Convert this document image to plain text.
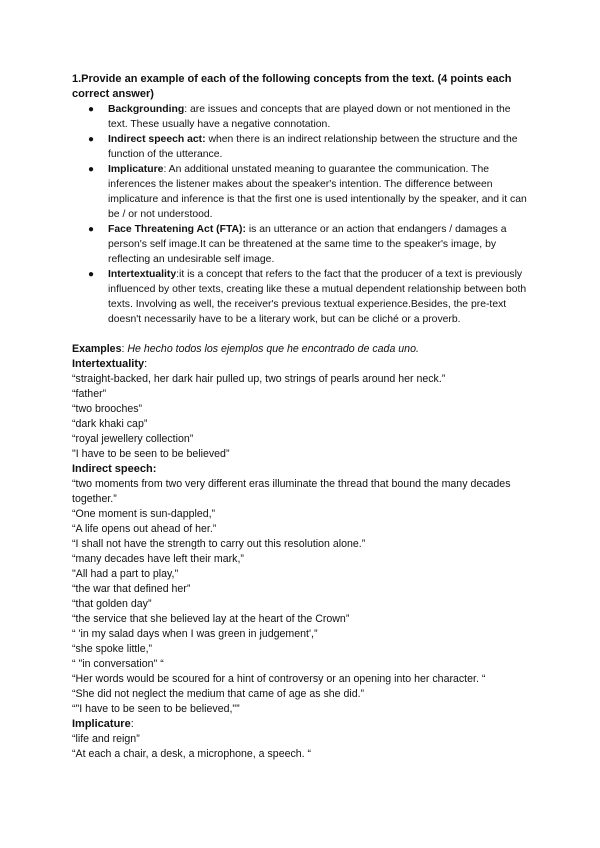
1.Provide an example of each of the following concepts from the text. (4 points each correct answer)

● Backgrounding: are issues and concepts that are played down or not mentioned in the text. These usually have a negative connotation.
● Indirect speech act: when there is an indirect relationship between the structure and the function of the utterance.
● Implicature: An additional unstated meaning to guarantee the communication. The inferences the listener makes about the speaker's intention. The difference between implicature and inference is that the first one is used intentionally by the speaker, and it can be / or not understood.
● Face Threatening Act (FTA): is an utterance or an action that endangers / damages a person's self image.It can be threatened at the same time to the speaker's image, by reflecting an undesirable self image.
● Intertextuality:it is a concept that refers to the fact that the producer of a text is previously influenced by other texts, creating like these a mutual dependent relationship between both texts. Involving as well, the receiver's previous textual experience.Besides, the pre-text doesn't necessarily have to be a literary work, but can be cliché or a proverb.

Examples: He hecho todos los ejemplos que he encontrado de cada uno.

Intertextuality:

“straight-backed, her dark hair pulled up, two strings of pearls around her neck.”

“father”

“two brooches”

“dark khaki cap”

“royal jewellery collection”

"I have to be seen to be believed”

Indirect speech:

“two moments from two very different eras illuminate the thread that bound the many decades together.”

“One moment is sun-dappled,”

“A life opens out ahead of her.”

“I shall not have the strength to carry out this resolution alone.”

“many decades have left their mark,”

"All had a part to play,"

“the war that defined her”

“that golden day”

“the service that she believed lay at the heart of the Crown”

“ 'in my salad days when I was green in judgement',”

“she spoke little,”

“ "in conversation" “

“Her words would be scoured for a hint of controversy or an opening into her character. “

“She did not neglect the medium that came of age as she did.”

“"I have to be seen to be believed,"”

Implicature:

“life and reign”

“At each a chair, a desk, a microphone, a speech. “
